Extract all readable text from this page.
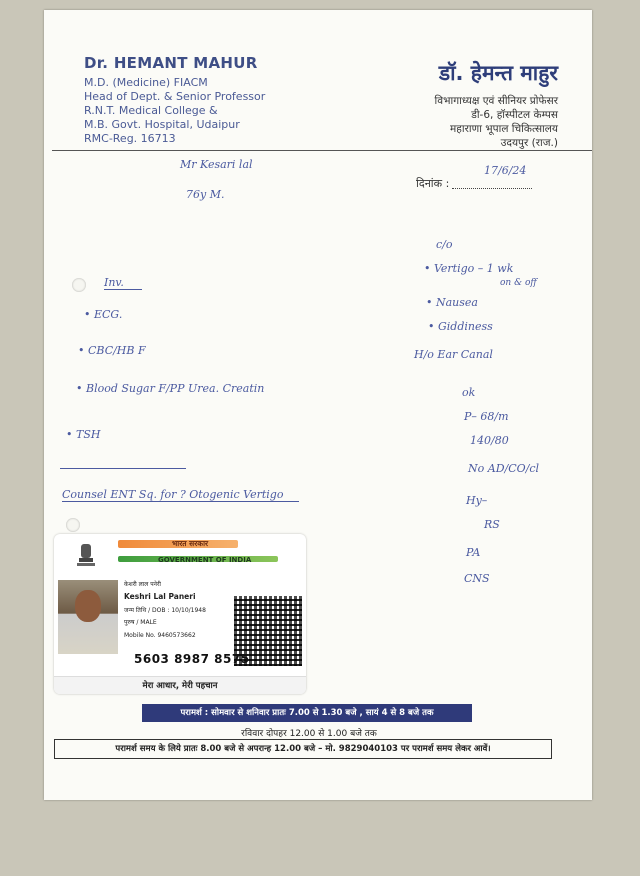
Dr. HEMANT MAHUR
M.D. (Medicine) FIACM
Head of Dept. & Senior Professor
R.N.T. Medical College &
M.B. Govt. Hospital, Udaipur
RMC-Reg. 16713
डॉ. हेमन्त माहुर
विभागाध्यक्ष एवं सीनियर प्रोफेसर
डी-6, हॉस्पीटल केम्पस
महाराणा भूपाल चिकित्सालय
उदयपुर (राज.)
दिनांक :
17/6/24
Mr Kesari lal
76y M.
Inv.
• ECG.
• CBC/HB F
• Blood Sugar F/PP Urea. Creatin
• TSH
Counsel ENT Sq. for ? Otogenic Vertigo
c/o
• Vertigo – 1 wk
on & off
• Nausea
• Giddiness
H/o Ear Canal
ok
P– 68/m
140/80
No AD/CO/cl
Hy–
RS
PA
CNS
भारत सरकार
GOVERNMENT OF INDIA
केशरी लाल पनेरी
Keshri Lal Paneri
जन्म तिथि / DOB : 10/10/1948
पुरुष / MALE
Mobile No. 9460573662
5603 8987 8575
मेरा आधार, मेरी पहचान
परामर्श : सोमवार से शनिवार प्रातः 7.00 से 1.30 बजे , सायं 4 से 8 बजे तक
रविवार दोपहर 12.00 से 1.00 बजे तक
परामर्श समय के लिये प्रातः 8.00 बजे से अपरान्ह 12.00 बजे – मो. 9829040103 पर परामर्श समय लेकर आवें।
